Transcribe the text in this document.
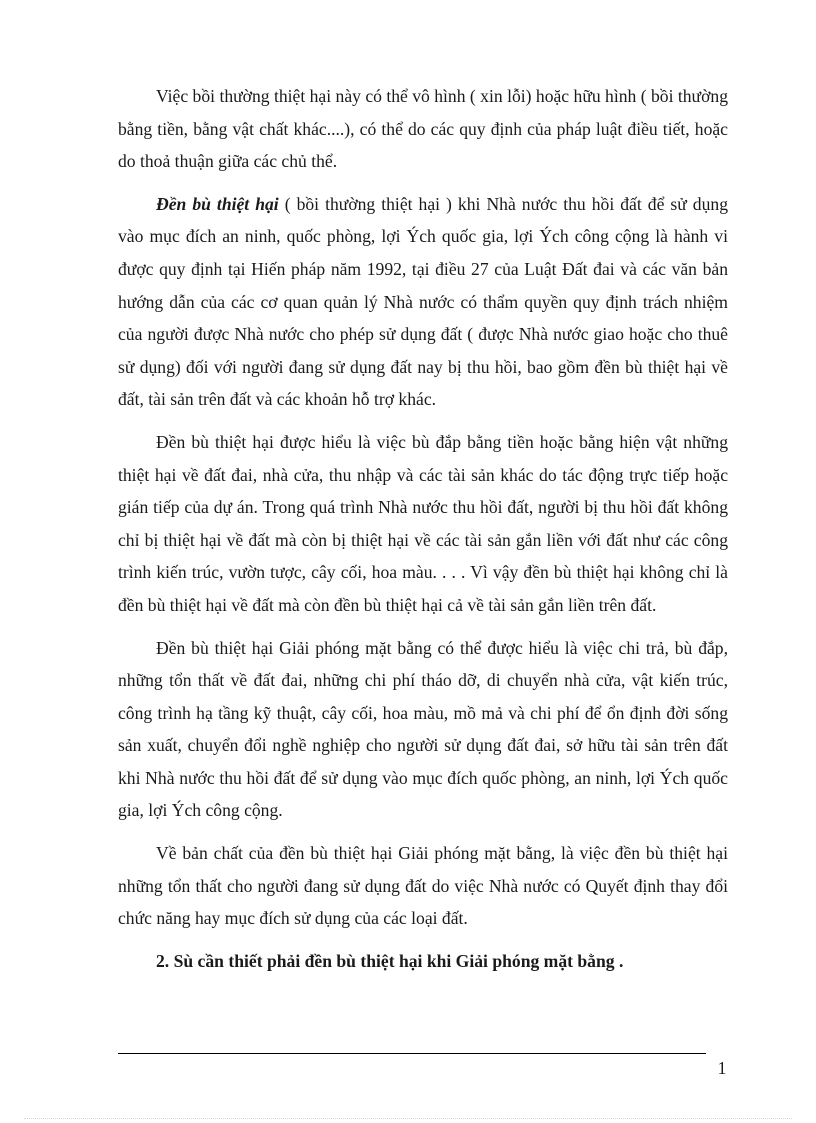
Việc bồi thường thiệt hại này có thể vô hình ( xin lỗi) hoặc hữu hình ( bồi thường bằng tiền, bằng vật chất khác....), có thể do các quy định của pháp luật điều tiết, hoặc do thoả thuận giữa các chủ thể.

Đền bù thiệt hại ( bồi thường thiệt hại ) khi Nhà nước thu hồi đất để sử dụng vào mục đích an ninh, quốc phòng, lợi Ých quốc gia, lợi Ých công cộng là hành vi được quy định tại Hiến pháp năm 1992, tại điều 27 của Luật Đất đai và các văn bản hướng dẫn của các cơ quan quản lý Nhà nước có thẩm quyền quy định trách nhiệm của người được Nhà nước cho phép sử dụng đất ( được Nhà nước giao hoặc cho thuê sử dụng) đối với người đang sử dụng đất nay bị thu hồi, bao gồm đền bù thiệt hại về đất, tài sản trên đất và các khoản hỗ trợ khác.

Đền bù thiệt hại được hiểu là việc bù đắp bằng tiền hoặc bằng hiện vật những thiệt hại về đất đai, nhà cửa, thu nhập và các tài sản khác do tác động trực tiếp hoặc gián tiếp của dự án. Trong quá trình Nhà nước thu hồi đất, người bị thu hồi đất không chỉ bị thiệt hại về đất mà còn bị thiệt hại về các tài sản gắn liền với đất như các công trình kiến trúc, vườn tược, cây cối, hoa màu. . . . Vì vậy đền bù thiệt hại không chỉ là đền bù thiệt hại về đất mà còn đền bù thiệt hại cả về tài sản gắn liền trên đất.

Đền bù thiệt hại Giải phóng mặt bằng có thể được hiểu là việc chi trả, bù đắp, những tổn thất về đất đai, những chi phí tháo dỡ, di chuyển nhà cửa, vật kiến trúc, công trình hạ tầng kỹ thuật, cây cối, hoa màu, mồ mả và chi phí để ổn định đời sống sản xuất, chuyển đổi nghề nghiệp cho người sử dụng đất đai, sở hữu tài sản trên đất khi Nhà nước thu hồi đất để sử dụng vào mục đích quốc phòng, an ninh, lợi Ých quốc gia, lợi Ých công cộng.

Về bản chất của đền bù thiệt hại Giải phóng mặt bằng, là việc đền bù thiệt hại những tổn thất cho người đang sử dụng đất do việc Nhà nước có Quyết định thay đổi chức năng hay mục đích sử dụng của các loại đất.

2. Sù cần thiết phải đền bù thiệt hại khi Giải phóng mặt bằng .

1
